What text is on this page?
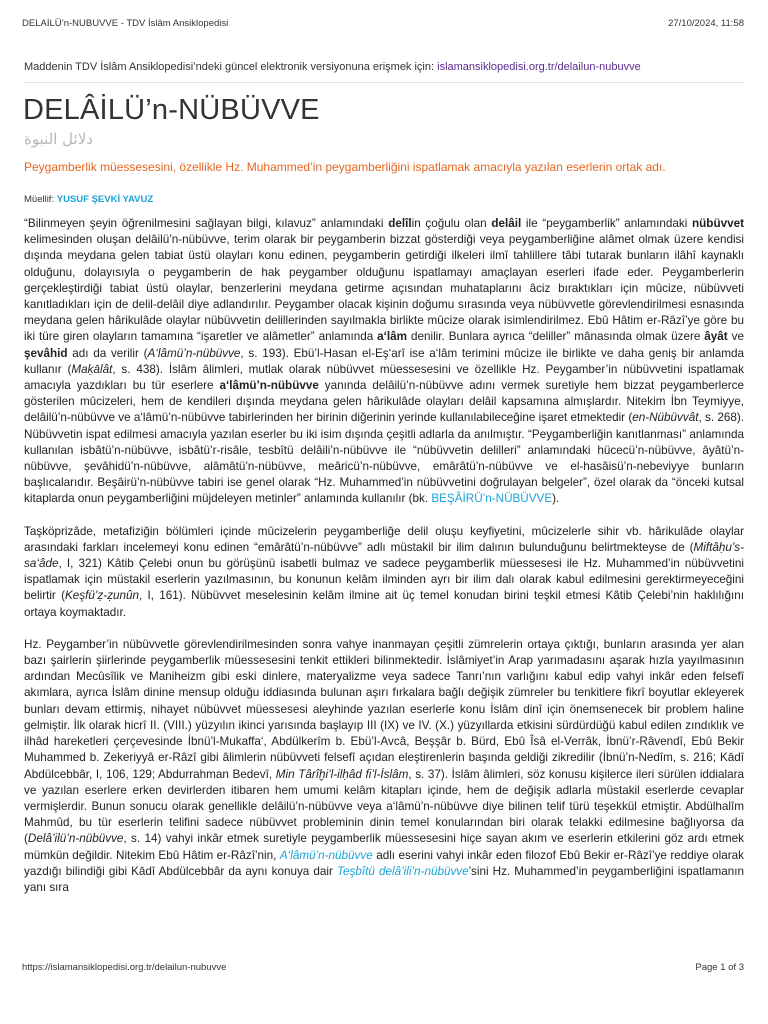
DELAİLÜ’n-NUBUVVE - TDV İslâm Ansiklopedisi	27/10/2024, 11:58
Maddenin TDV İslâm Ansiklopedisi’ndeki güncel elektronik versiyonuna erişmek için: islamansiklopedisi.org.tr/delailun-nubuvve
DELÂİLÜ’n-NÜBÜVVE
دلائل النبوة
Peygamberlik müessesesini, özellikle Hz. Muhammed’in peygamberliğini ispatlamak amacıyla yazılan eserlerin ortak adı.
Müellif: YUSUF ŞEVKİ YAVUZ

“Bilinmeyen şeyin öğrenilmesini sağlayan bilgi, kılavuz” anlamındaki delîlin çoğulu olan delâil ile “peygamberlik” anlamındaki nübüvvet kelimesinden oluşan delâilü’n-nübüvve, terim olarak bir peygamberin bizzat gösterdiği veya peygamberliğine alâmet olmak üzere kendisi dışında meydana gelen tabiat üstü olayları konu edinen, peygamberin getirdiği ilkeleri ilmî tahlillere tâbi tutarak bunların ilâhî kaynaklı olduğunu, dolayısıyla o peygamberin de hak peygamber olduğunu ispatlamayı amaçlayan eserleri ifade eder. Peygamberlerin gerçekleştirdiği tabiat üstü olaylar, benzerlerini meydana getirme açısından muhataplarını âciz bıraktıkları için mûcize, nübüvveti kanıtladıkları için de delil-delâil diye adlandırılır. Peygamber olacak kişinin doğumu sırasında veya nübüvvetle görevlendirilmesi esnasında meydana gelen hârikulâde olaylar nübüvvetin delillerinden sayılmakla birlikte mûcize olarak isimlendirilmez. Ebû Hâtim er-Râzî’ye göre bu iki türe giren olayların tamamına “işaretler ve alâmetler” anlamında a‘lâm denilir. Bunlara ayrıca “deliller” mânasında olmak üzere âyât ve şevâhid adı da verilir (A‘lâmü’n-nübüvve, s. 193). Ebü’l-Hasan el-Eş‘arî ise a‘lâm terimini mûcize ile birlikte ve daha geniş bir anlamda kullanır (Maḳālât, s. 438). İslâm âlimleri, mutlak olarak nübüvvet müessesesini ve özellikle Hz. Peygamber’in nübüvvetini ispatlamak amacıyla yazdıkları bu tür eserlere a‘lâmü’n-nübüvve yanında delâilü’n-nübüvve adını vermek suretiyle hem bizzat peygamberlerce gösterilen mûcizeleri, hem de kendileri dışında meydana gelen hârikulâde olayları delâil kapsamına almışlardır. Nitekim İbn Teymiyye, delâilü’n-nübüvve ve a‘lâmü’n-nübüvve tabirlerinden her birinin diğerinin yerinde kullanılabileceğine işaret etmektedir (en-Nübüvvât, s. 268). Nübüvvetin ispat edilmesi amacıyla yazılan eserler bu iki isim dışında çeşitli adlarla da anılmıştır. “Peygamberliğin kanıtlanması” anlamında kullanılan isbâtü’n-nübüvve, isbâtü’r-risâle, tesbîtü delâili’n-nübüvve ile “nübüvvetin delilleri” anlamındaki hücecü’n-nübüvve, âyâtü’n-nübüvve, şevâhidü’n-nübüvve, alâmâtü’n-nübüvve, meâricü’n-nübüvve, emârâtü’n-nübüvve ve el-hasâisü’n-nebeviyye bunların başlıcalarıdır. Beşâirü’n-nübüvve tabiri ise genel olarak “Hz. Muhammed’in nübüvvetini doğrulayan belgeler”, özel olarak da “önceki kutsal kitaplarda onun peygamberliğini müjdeleyen metinler” anlamında kullanılır (bk. BEŞÂİRÜ’n-NÜBÜVVE).

Taşköprizâde, metafiziğin bölümleri içinde mûcizelerin peygamberliğe delil oluşu keyfiyetini, mûcizelerle sihir vb. hârikulâde olaylar arasındaki farkları incelemeyi konu edinen “emârâtü’n-nübüvve” adlı müstakil bir ilim dalının bulunduğunu belirtmekteyse de (Miftâḥu’s-sa‘âde, I, 321) Kâtib Çelebi onun bu görüşünü isabetli bulmaz ve sadece peygamberlik müessesesi ile Hz. Muhammed’in nübüvvetini ispatlamak için müstakil eserlerin yazılmasının, bu konunun kelâm ilminden ayrı bir ilim dalı olarak kabul edilmesini gerektirmeyeceğini belirtir (Keşfü’ẓ-ẓunûn, I, 161). Nübüvvet meselesinin kelâm ilmine ait üç temel konudan birini teşkil etmesi Kâtib Çelebi’nin haklılığını ortaya koymaktadır.

Hz. Peygamber’in nübüvvetle görevlendirilmesinden sonra vahye inanmayan çeşitli zümrelerin ortaya çıktığı, bunların arasında yer alan bazı şairlerin şiirlerinde peygamberlik müessesesini tenkit ettikleri bilinmektedir. İslâmiyet’in Arap yarımadasını aşarak hızla yayılmasının ardından Mecûsîlik ve Maniheizm gibi eski dinlere, materyalizme veya sadece Tanrı’nın varlığını kabul edip vahyi inkâr eden felsefî akımlara, ayrıca İslâm dinine mensup olduğu iddiasında bulunan aşırı fırkalara bağlı değişik zümreler bu tenkitlere fikrî boyutlar ekleyerek bunları devam ettirmiş, nihayet nübüvvet müessesesi aleyhinde yazılan eserlerle konu İslâm dinî için önemsenecek bir problem haline gelmiştir. İlk olarak hicrî II. (VIII.) yüzyılın ikinci yarısında başlayıp III (IX) ve IV. (X.) yüzyıllarda etkisini sürdürdüğü kabul edilen zındıklık ve ilhâd hareketleri çerçevesinde İbnü’l-Mukaffa‘, Abdülkerîm b. Ebü’l-Avcâ, Beşşâr b. Bürd, Ebû Îsâ el-Verrâk, İbnü’r-Râvendî, Ebû Bekir Muhammed b. Zekeriyyâ er-Râzî gibi âlimlerin nübüvveti felsefî açıdan eleştirenlerin başında geldiği zikredilir (İbnü’n-Nedîm, s. 216; Kādî Abdülcebbâr, I, 106, 129; Abdurrahman Bedevî, Min Târîḫi’l-ilḥâd fi’l-İslâm, s. 37). İslâm âlimleri, söz konusu kişilerce ileri sürülen iddialara ve yazılan eserlere erken devirlerden itibaren hem umumi kelâm kitapları içinde, hem de değişik adlarla müstakil eserlerde cevaplar vermişlerdir. Bunun sonucu olarak genellikle delâilü’n-nübüvve veya a‘lâmü’n-nübüvve diye bilinen telif türü teşekkül etmiştir. Abdülhalîm Mahmûd, bu tür eserlerin telifini sadece nübüvvet probleminin dinin temel konularından biri olarak telakki edilmesine bağlıyorsa da (Delâ’ilü’n-nübüvve, s. 14) vahyi inkâr etmek suretiyle peygamberlik müessesesini hiçe sayan akım ve eserlerin etkilerini göz ardı etmek mümkün değildir. Nitekim Ebû Hâtim er-Râzî’nin, A‘lâmü’n-nübüvve adlı eserini vahyi inkâr eden filozof Ebû Bekir er-Râzî’ye reddiye olarak yazdığı bilindiği gibi Kādî Abdülcebbâr da aynı konuya dair Teşbîtü delâ’ili’n-nübüvve’sini Hz. Muhammed’in peygamberliğini ispatlamanın yanı sıra

https://islamansiklopedisi.org.tr/delailun-nubuvve	Page 1 of 3
